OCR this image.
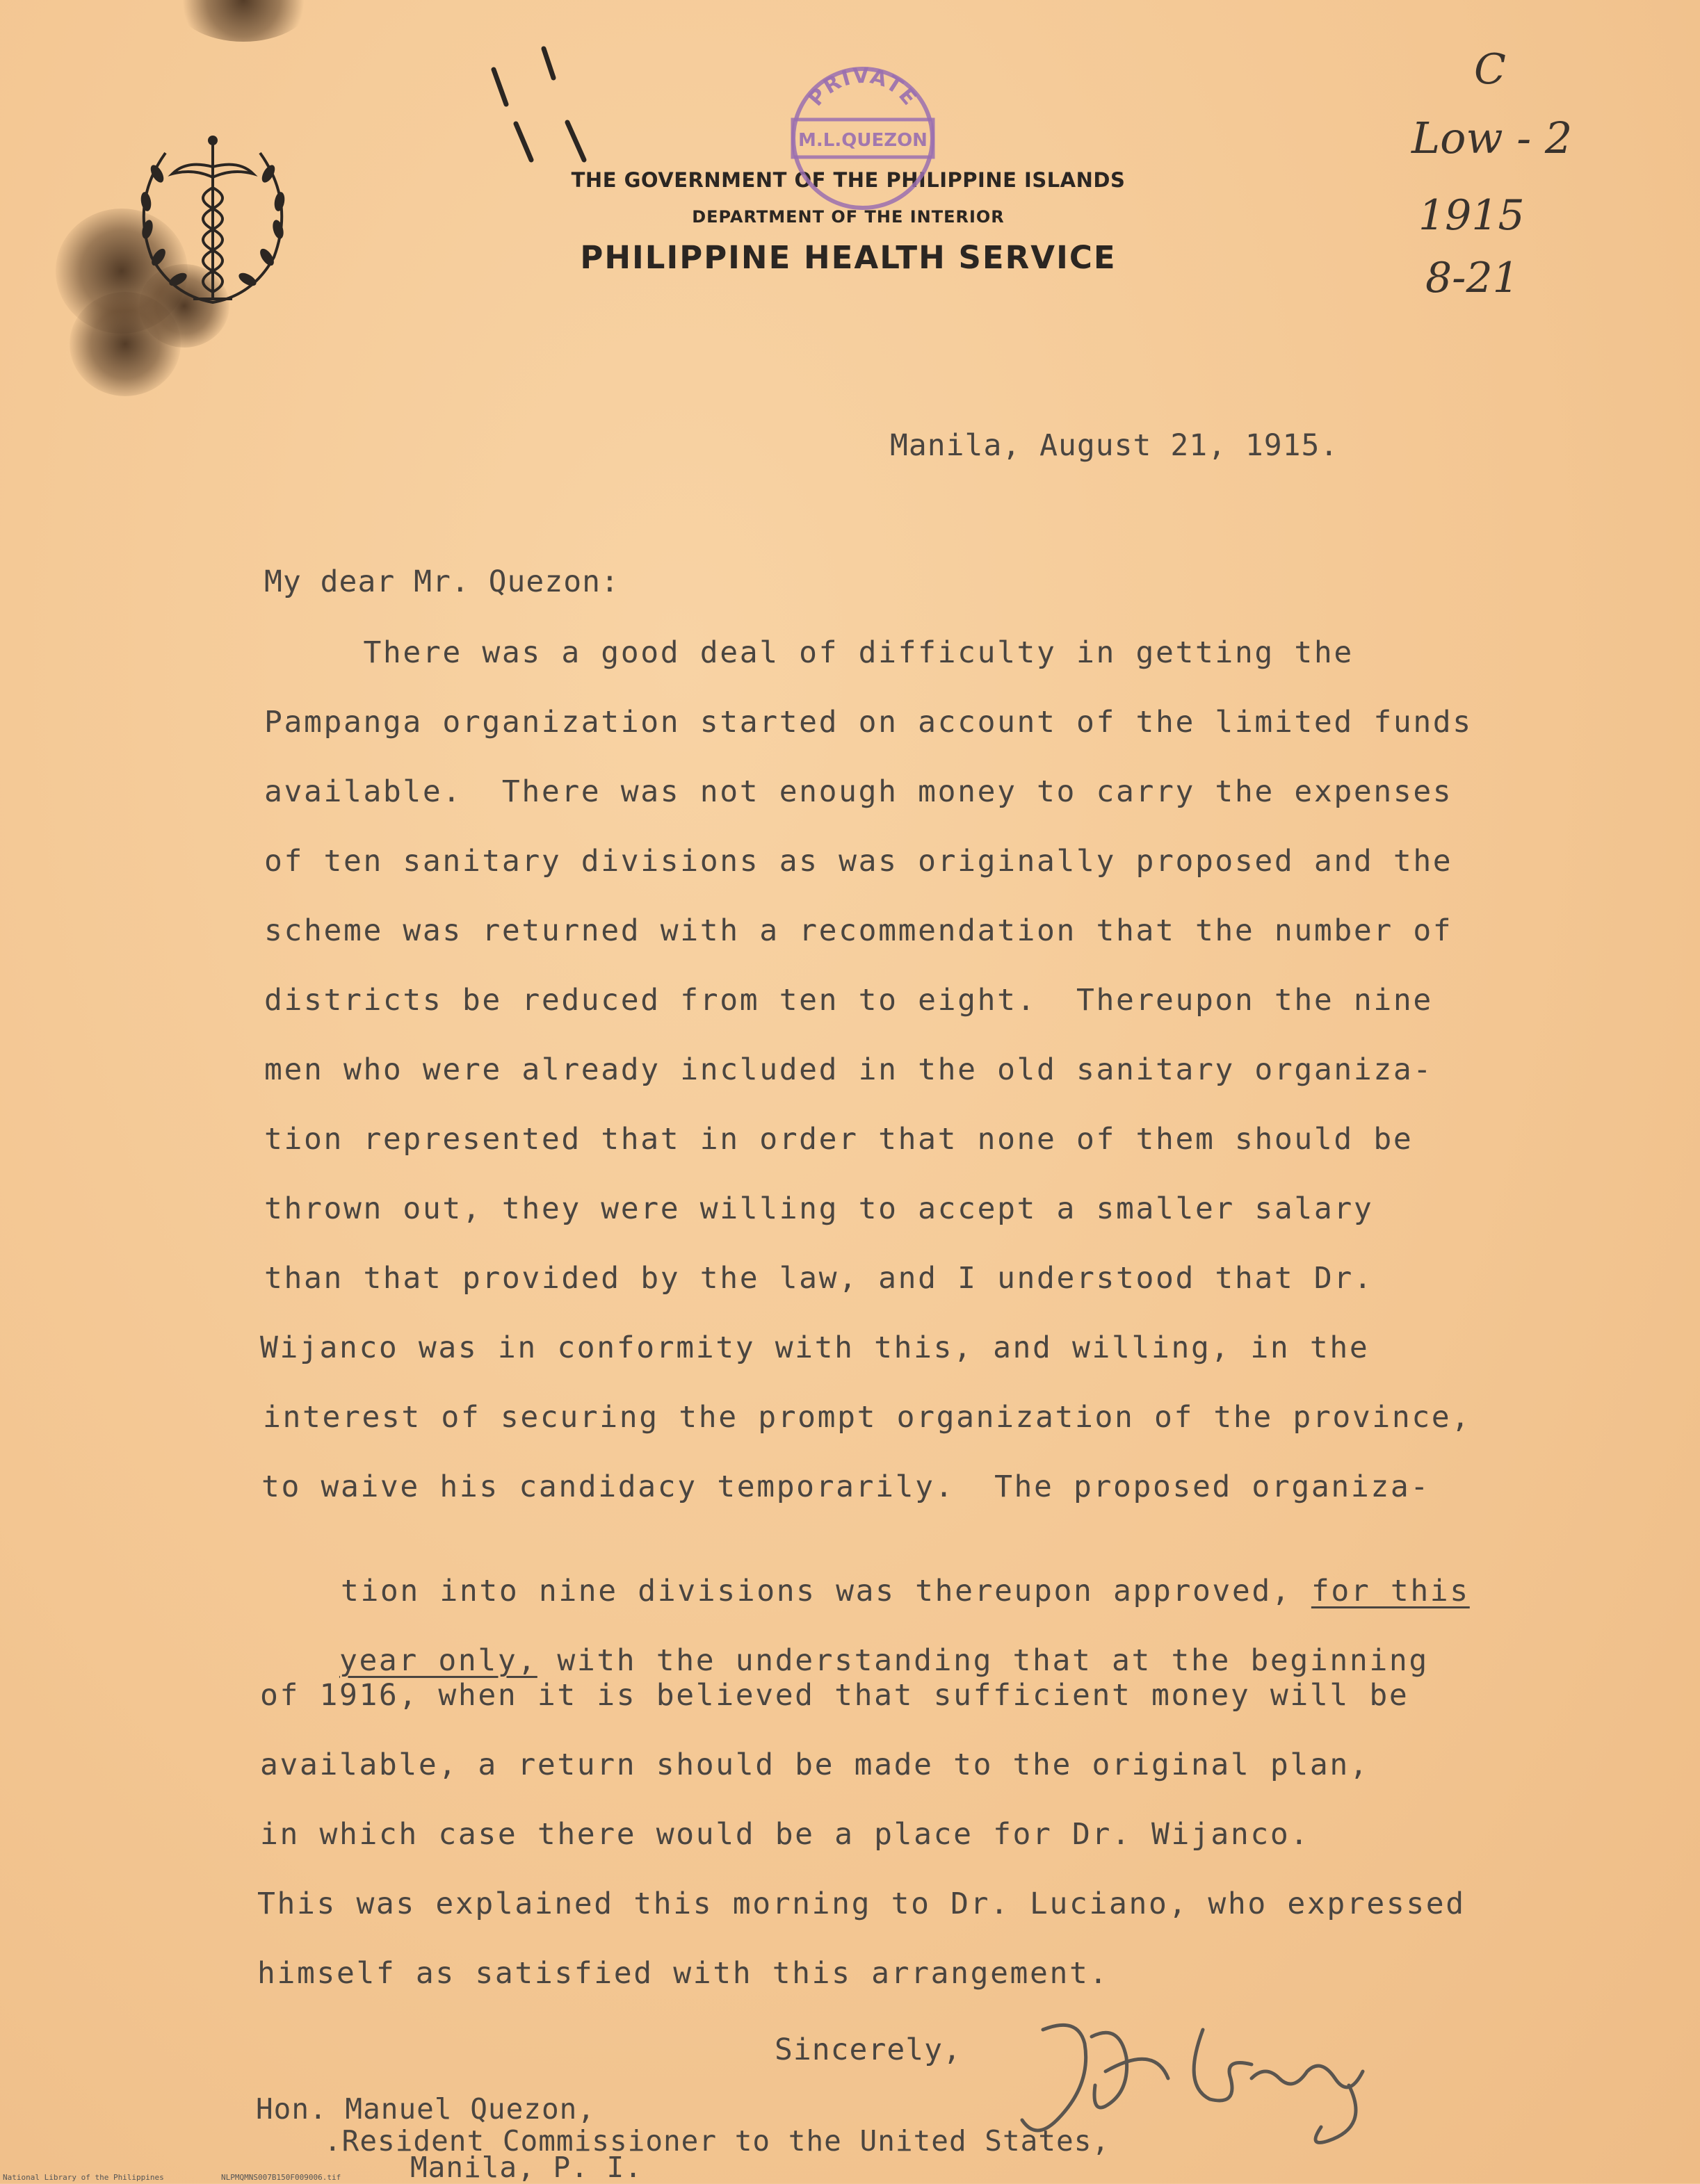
THE GOVERNMENT OF THE PHILIPPINE ISLANDS
DEPARTMENT OF THE INTERIOR
PHILIPPINE HEALTH SERVICE
PRIVATE
M.L.QUEZON
C
Low - 2
1915
8-21
Manila, August 21, 1915.
My dear Mr. Quezon:
There was a good deal of difficulty in getting the
Pampanga organization started on account of the limited funds
available.  There was not enough money to carry the expenses
of ten sanitary divisions as was originally proposed and the
scheme was returned with a recommendation that the number of
districts be reduced from ten to eight.  Thereupon the nine
men who were already included in the old sanitary organiza-
tion represented that in order that none of them should be
thrown out, they were willing to accept a smaller salary
than that provided by the law, and I understood that Dr.
Wijanco was in conformity with this, and willing, in the
interest of securing the prompt organization of the province,
to waive his candidacy temporarily.  The proposed organiza-

tion into nine divisions was thereupon approved, for this

year only, with the understanding that at the beginning

of 1916, when it is believed that sufficient money will be
available, a return should be made to the original plan,
in which case there would be a place for Dr. Wijanco.
This was explained this morning to Dr. Luciano, who expressed
himself as satisfied with this arrangement.
Sincerely,
Hon. Manuel Quezon,
.Resident Commissioner to the United States,
Manila, P. I.
National Library of the Philippines	NLPMQMNS007B150F009006.tif
